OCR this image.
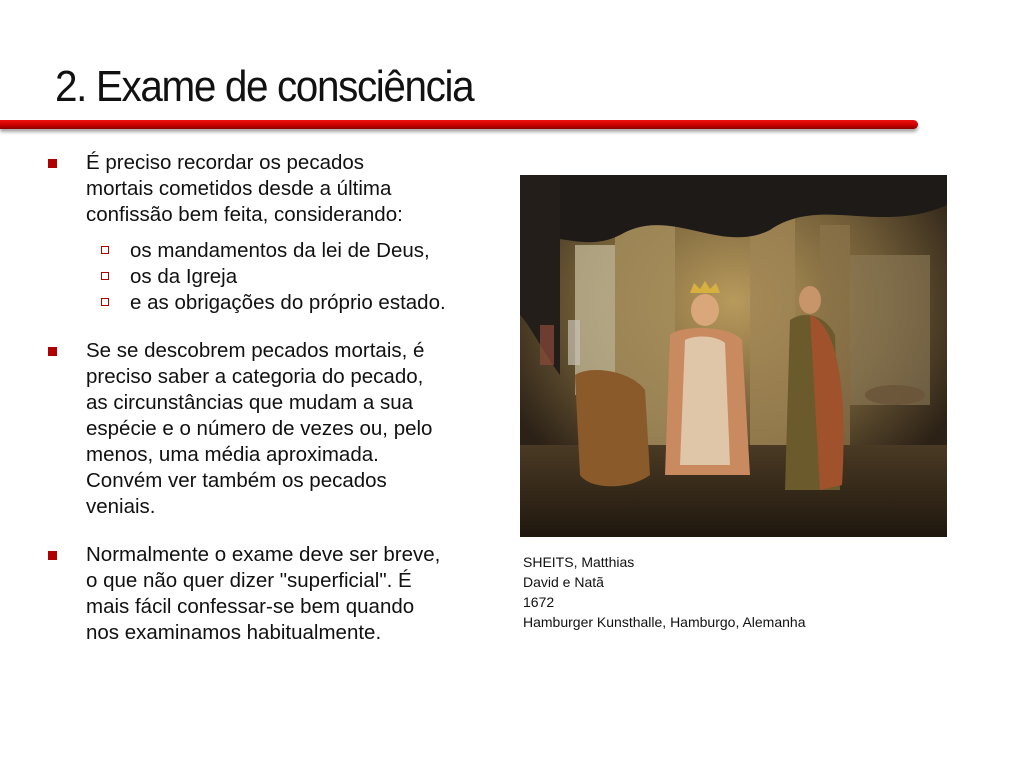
2. Exame de consciência
É preciso recordar os pecados
mortais cometidos desde a última
confissão bem feita, considerando:
os mandamentos da lei de Deus,
os da Igreja
e as obrigações do próprio estado.
Se se descobrem pecados mortais, é
preciso saber a categoria do pecado,
as circunstâncias que mudam a sua
espécie e o número de vezes ou, pelo
menos, uma média aproximada.
Convém ver também os pecados
veniais.
Normalmente o exame deve ser breve,
o que não quer dizer "superficial". É
mais fácil confessar-se bem quando
nos examinamos habitualmente.
SHEITS, Matthias
David e Natã
1672
Hamburger Kunsthalle, Hamburgo, Alemanha
